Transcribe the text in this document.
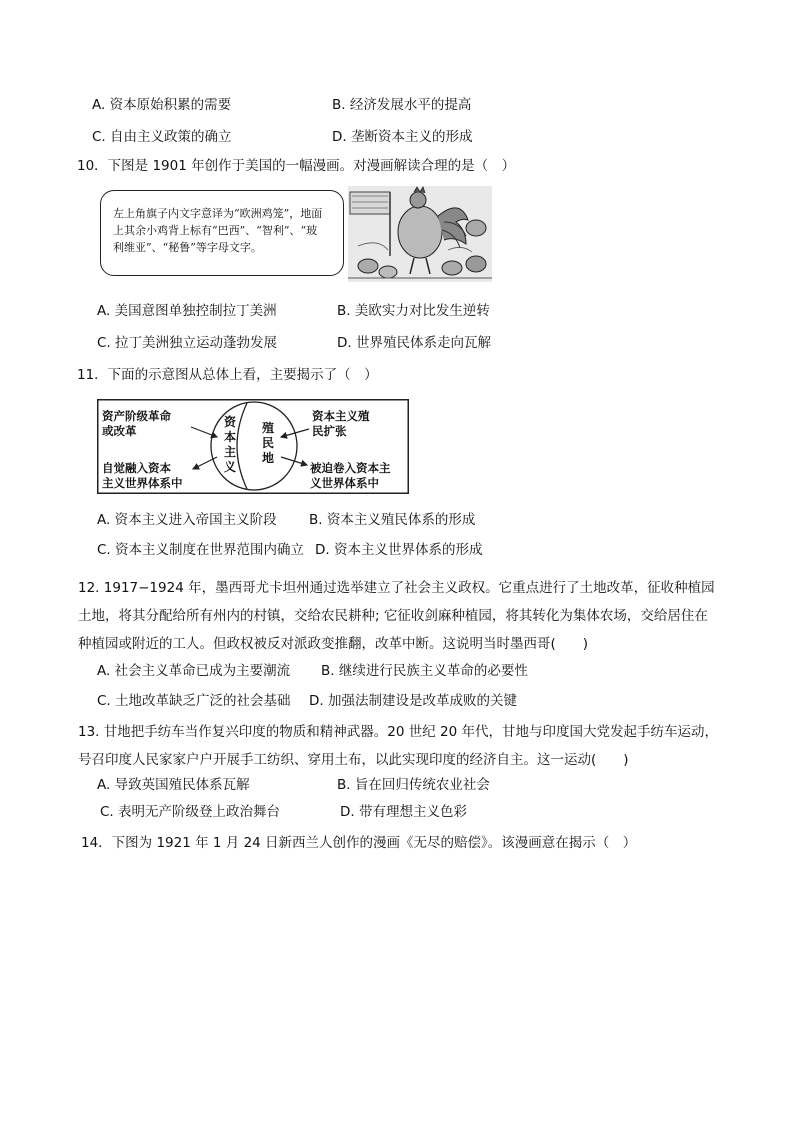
A. 资本原始积累的需要	B. 经济发展水平的提高
C. 自由主义政策的确立	D. 垄断资本主义的形成
10．下图是 1901 年创作于美国的一幅漫画。对漫画解读合理的是（　）
左上角旗子内文字意译为“欧洲鸡笼”，地面
上其余小鸡背上标有“巴西”、“智利”、“玻
利维亚”、“秘鲁”等字母文字。
A. 美国意图单独控制拉丁美洲	B. 美欧实力对比发生逆转
C. 拉丁美洲独立运动蓬勃发展	D. 世界殖民体系走向瓦解
11．下面的示意图从总体上看，主要揭示了（　）
资产阶级革命
或改革
自觉融入资本
主义世界体系中
资
本
主
义
殖
民
地
资本主义殖
民扩张
被迫卷入资本主
义世界体系中
A. 资本主义进入帝国主义阶段 B. 资本主义殖民体系的形成
C. 资本主义制度在世界范围内确立 D. 资本主义世界体系的形成
12. 1917−1924 年，墨西哥尤卡坦州通过选举建立了社会主义政权。它重点进行了土地改革，征收种植园土地，将其分配给所有州内的村镇，交给农民耕种; 它征收剑麻种植园，将其转化为集体农场，交给居住在种植园或附近的工人。但政权被反对派政变推翻，改革中断。这说明当时墨西哥(　　)
A. 社会主义革命已成为主要潮流 B. 继续进行民族主义革命的必要性
C. 土地改革缺乏广泛的社会基础 D. 加强法制建设是改革成败的关键
13. 甘地把手纺车当作复兴印度的物质和精神武器。20 世纪 20 年代，甘地与印度国大党发起手纺车运动，号召印度人民家家户户开展手工纺织、穿用土布，以此实现印度的经济自主。这一运动(　　)
A. 导致英国殖民体系瓦解	B. 旨在回归传统农业社会
C. 表明无产阶级登上政治舞台	D. 带有理想主义色彩
14．下图为 1921 年 1 月 24 日新西兰人创作的漫画《无尽的赔偿》。该漫画意在揭示（　）
